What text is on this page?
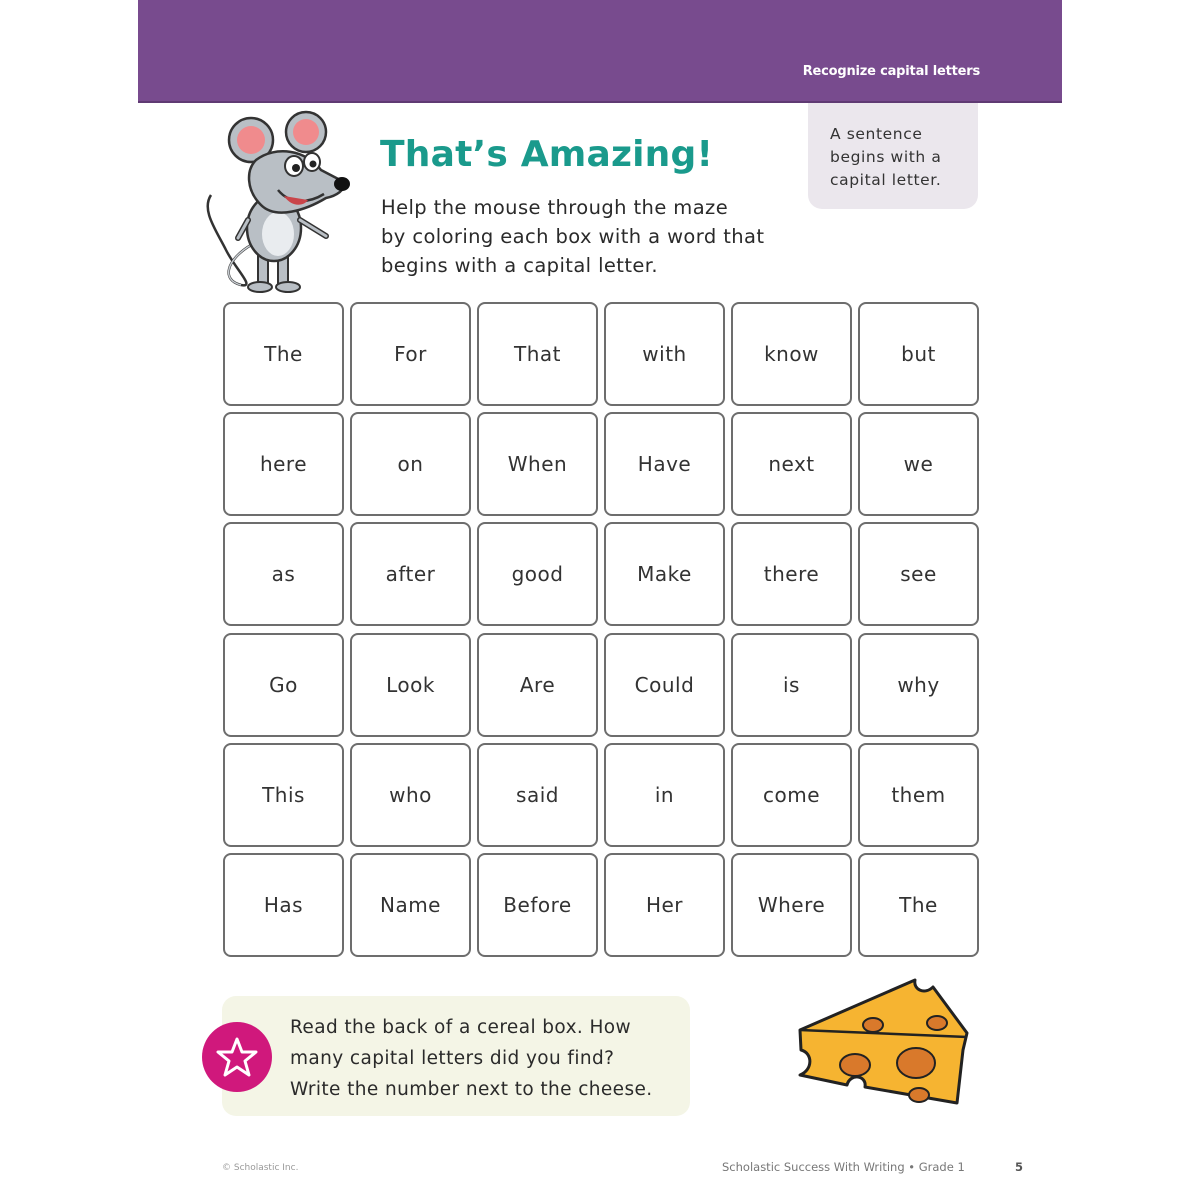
Recognize capital letters
A sentence
begins with a
capital letter.
That’s Amazing!
Help the mouse through the maze
by coloring each box with a word that
begins with a capital letter.
The	For	That	with	know	but
here	on	When	Have	next	we
as	after	good	Make	there	see
Go	Look	Are	Could	is	why
This	who	said	in	come	them
Has	Name	Before	Her	Where	The
Read the back of a cereal box. How
many capital letters did you find?
Write the number next to the cheese.
© Scholastic Inc.	Scholastic Success With Writing • Grade 1	5
